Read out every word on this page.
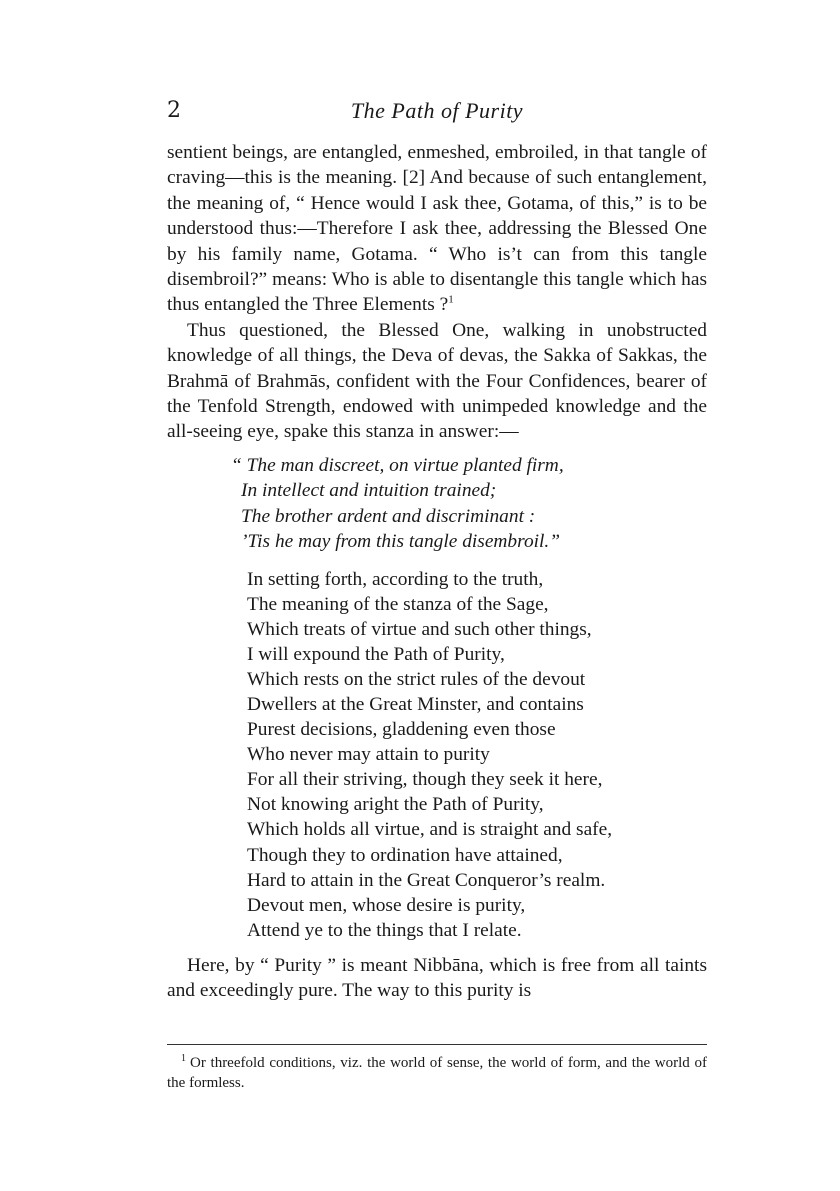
2	The Path of Purity

sentient beings, are entangled, enmeshed, embroiled, in that tangle of craving—this is the meaning. [2] And because of such entanglement, the meaning of, “ Hence would I ask thee, Gotama, of this,” is to be understood thus:—Therefore I ask thee, addressing the Blessed One by his family name, Gotama. “ Who is’t can from this tangle disembroil?” means: Who is able to disentangle this tangle which has thus entangled the Three Elements ?$^1$

Thus questioned, the Blessed One, walking in unobstructed knowledge of all things, the Deva of devas, the Sakka of Sakkas, the Brahmā of Brahmās, confident with the Four Confidences, bearer of the Tenfold Strength, endowed with unimpeded knowledge and the all-seeing eye, spake this stanza in answer:—

“ The man discreet, on virtue planted firm,
In intellect and intuition trained;
The brother ardent and discriminant :
’Tis he may from this tangle disembroil.”
In setting forth, according to the truth,
The meaning of the stanza of the Sage,
Which treats of virtue and such other things,
I will expound the Path of Purity,
Which rests on the strict rules of the devout
Dwellers at the Great Minster, and contains
Purest decisions, gladdening even those
Who never may attain to purity
For all their striving, though they seek it here,
Not knowing aright the Path of Purity,
Which holds all virtue, and is straight and safe,
Though they to ordination have attained,
Hard to attain in the Great Conqueror’s realm.
Devout men, whose desire is purity,
Attend ye to the things that I relate.

Here, by “ Purity ” is meant Nibbāna, which is free from all taints and exceedingly pure. The way to this purity is

$^1$ Or threefold conditions, viz. the world of sense, the world of form, and the world of the formless.
